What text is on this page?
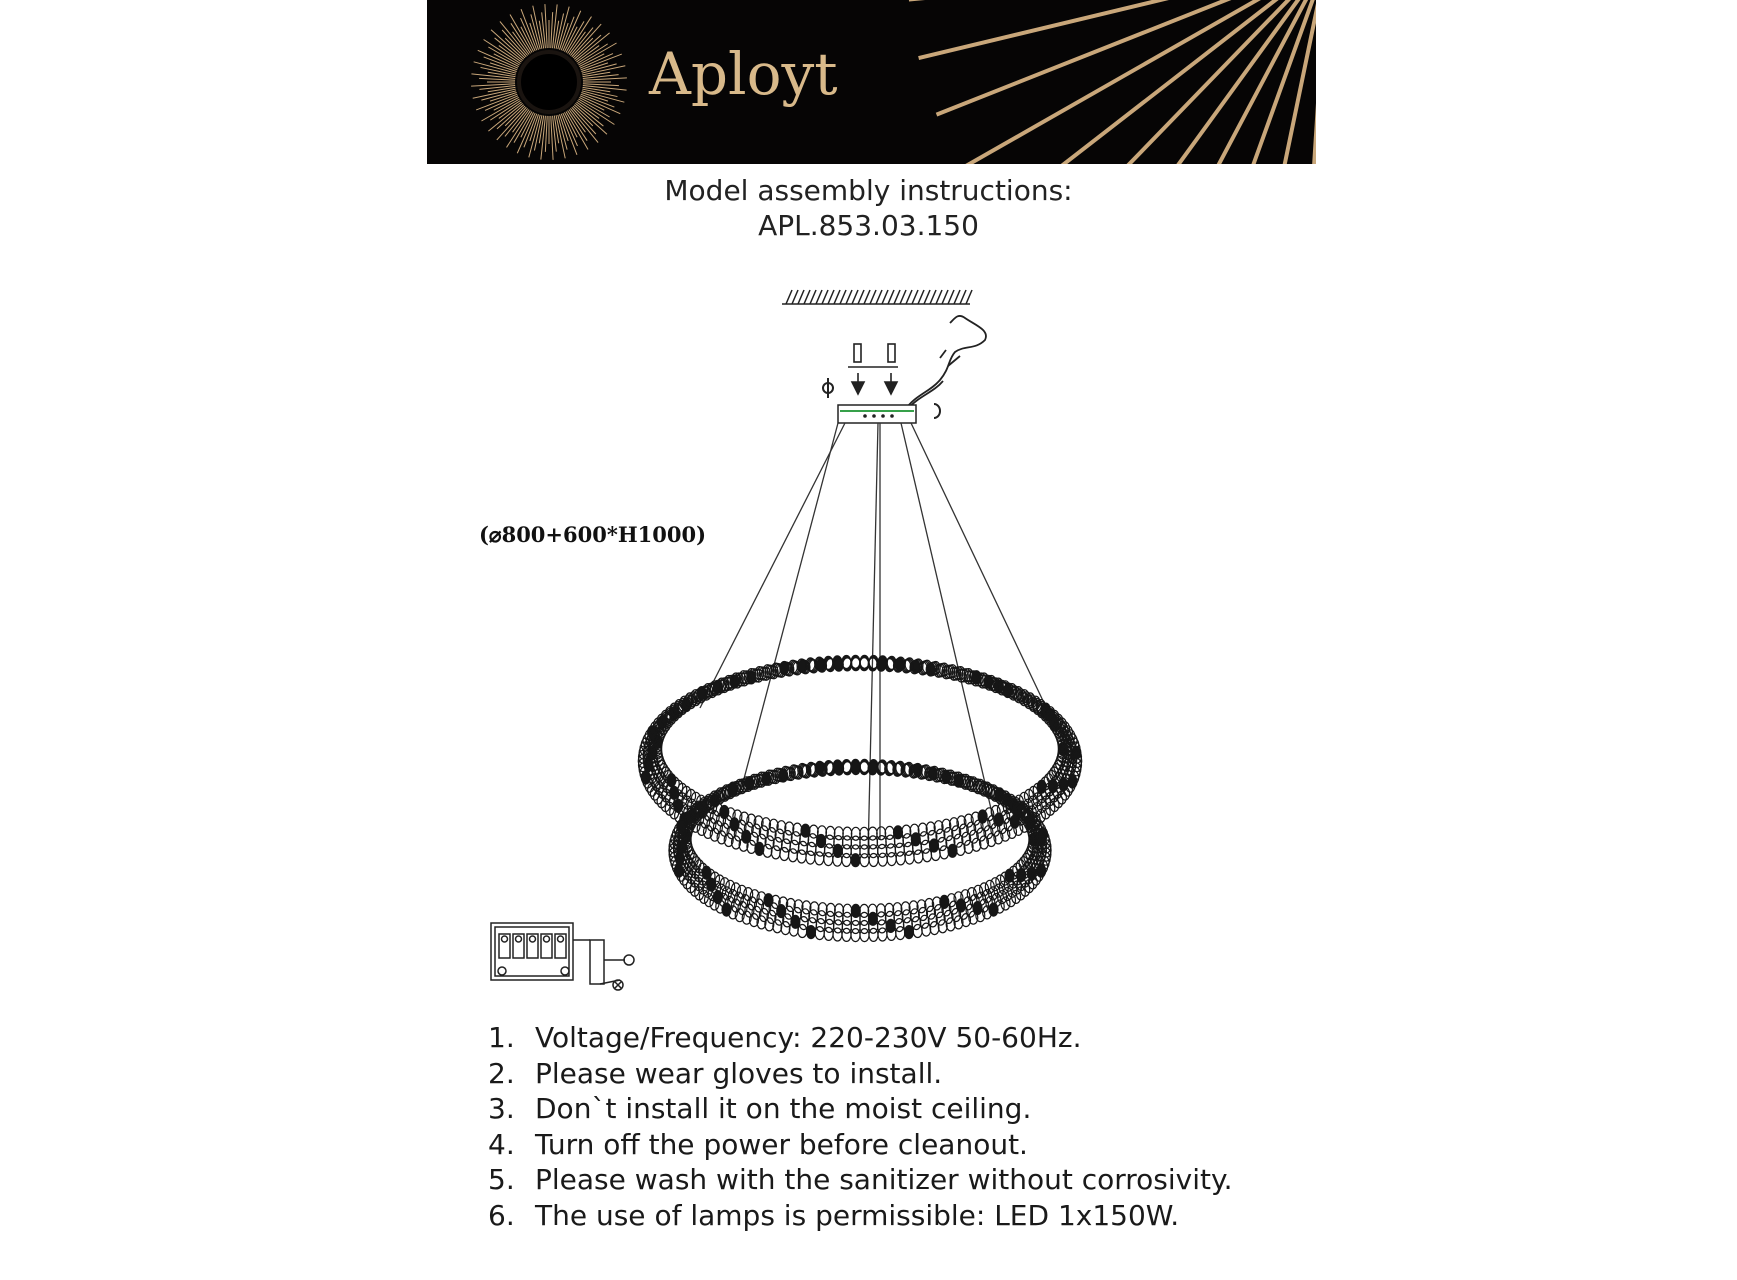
Aployt
Model assembly instructions:
APL.853.03.150
(⌀800+600*H1000)
1. Voltage/Frequency: 220-230V 50-60Hz.
2. Please wear gloves to install.
3. Don`t install it on the moist ceiling.
4. Turn off the power before cleanout.
5. Please wash with the sanitizer without corrosivity.
6. The use of lamps is permissible: LED 1x150W.
